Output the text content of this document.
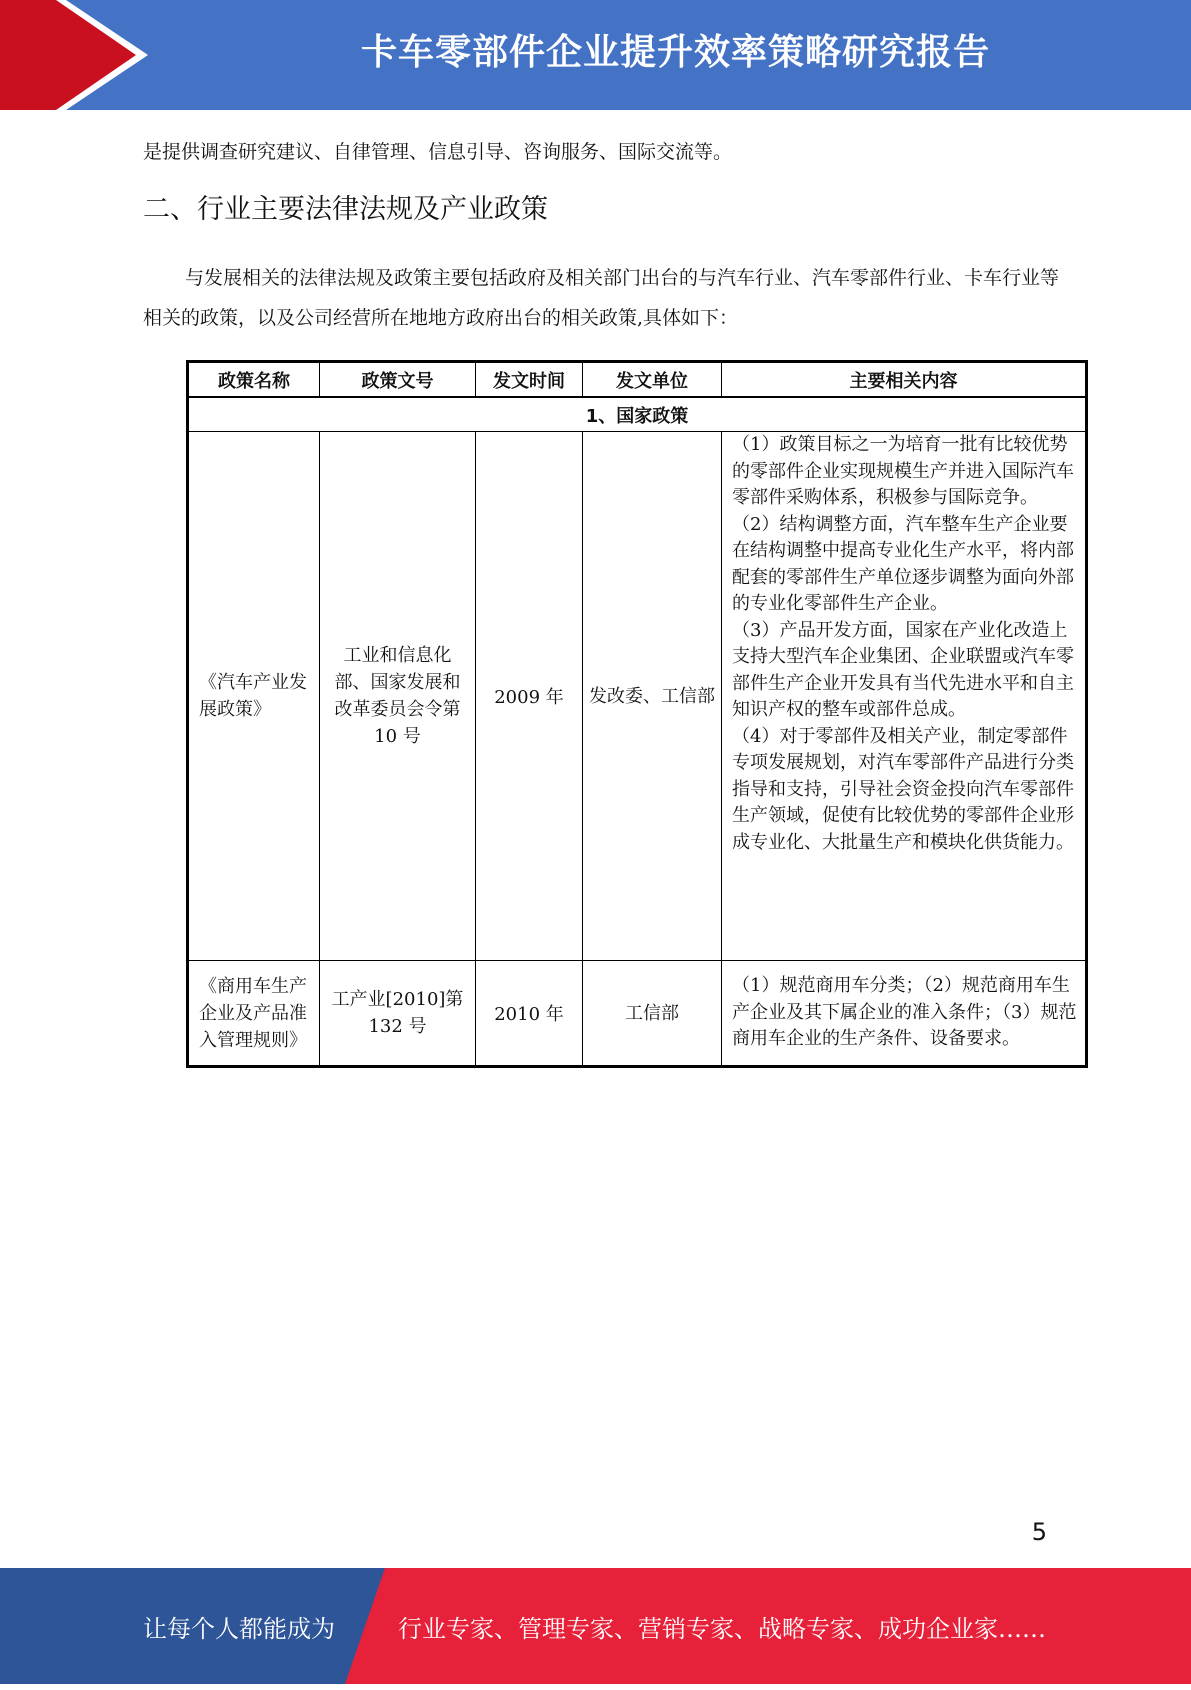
卡车零部件企业提升效率策略研究报告

是提供调查研究建议、自律管理、信息引导、咨询服务、国际交流等。

二、行业主要法律法规及产业政策

与发展相关的法律法规及政策主要包括政府及相关部门出台的与汽车行业、汽车零部件行业、卡车行业等相关的政策，以及公司经营所在地地方政府出台的相关政策,具体如下：

政策名称	政策文号	发文时间	发文单位	主要相关内容
1、国家政策				
《汽车产业发展政策》	工业和信息化部、国家发展和改革委员会令第 10 号	2009 年	发改委、工信部	（1）政策目标之一为培育一批有比较优势的零部件企业实现规模生产并进入国际汽车零部件采购体系，积极参与国际竞争。

（2）结构调整方面，汽车整车生产企业要在结构调整中提高专业化生产水平，将内部配套的零部件生产单位逐步调整为面向外部的专业化零部件生产企业。

（3）产品开发方面，国家在产业化改造上支持大型汽车企业集团、企业联盟或汽车零部件生产企业开发具有当代先进水平和自主知识产权的整车或部件总成。

（4）对于零部件及相关产业，制定零部件专项发展规划，对汽车零部件产品进行分类指导和支持，引导社会资金投向汽车零部件生产领域，促使有比较优势的零部件企业形成专业化、大批量生产和模块化供货能力。

《商用车生产企业及产品准入管理规则》	工产业[2010]第 132 号	2010 年	工信部	（1）规范商用车分类；（2）规范商用车生产企业及其下属企业的准入条件；（3）规范商用车企业的生产条件、设备要求。

5
让每个人都能成为	行业专家、管理专家、营销专家、战略专家、成功企业家……
